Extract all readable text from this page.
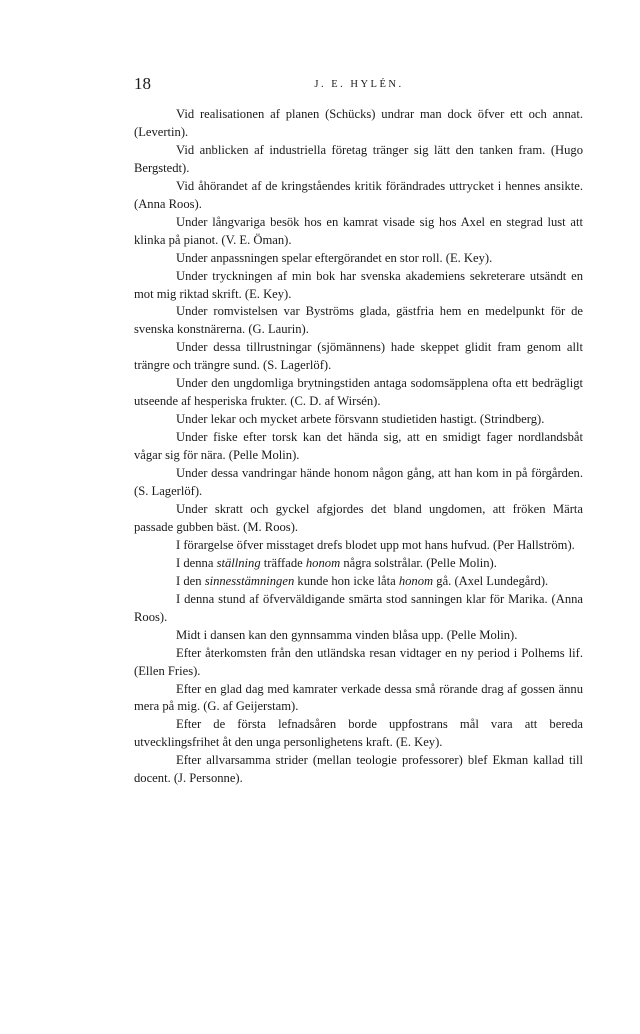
18	J. E. HYLÉN.

Vid realisationen af planen (Schücks) undrar man dock öfver ett och annat. (Levertin).

Vid anblicken af industriella företag tränger sig lätt den tanken fram. (Hugo Bergstedt).

Vid åhörandet af de kringståendes kritik förändrades uttrycket i hennes ansikte. (Anna Roos).

Under långvariga besök hos en kamrat visade sig hos Axel en stegrad lust att klinka på pianot. (V. E. Öman).

Under anpassningen spelar eftergörandet en stor roll. (E. Key).

Under tryckningen af min bok har svenska akademiens sekreterare utsändt en mot mig riktad skrift. (E. Key).

Under romvistelsen var Byströms glada, gästfria hem en medelpunkt för de svenska konstnärerna. (G. Laurin).

Under dessa tillrustningar (sjömännens) hade skeppet glidit fram genom allt trängre och trängre sund. (S. Lagerlöf).

Under den ungdomliga brytningstiden antaga sodomsäpplena ofta ett bedrägligt utseende af hesperiska frukter. (C. D. af Wirsén).

Under lekar och mycket arbete försvann studietiden hastigt. (Strindberg).

Under fiske efter torsk kan det hända sig, att en smidigt fager nordlandsbåt vågar sig för nära. (Pelle Molin).

Under dessa vandringar hände honom någon gång, att han kom in på förgården. (S. Lagerlöf).

Under skratt och gyckel afgjordes det bland ungdomen, att fröken Märta passade gubben bäst. (M. Roos).

I förargelse öfver misstaget drefs blodet upp mot hans hufvud. (Per Hallström).

I denna ställning träffade honom några solstrålar. (Pelle Molin).

I den sinnesstämningen kunde hon icke låta honom gå. (Axel Lundegård).

I denna stund af öfverväldigande smärta stod sanningen klar för Marika. (Anna Roos).

Midt i dansen kan den gynnsamma vinden blåsa upp. (Pelle Molin).

Efter återkomsten från den utländska resan vidtager en ny period i Polhems lif. (Ellen Fries).

Efter en glad dag med kamrater verkade dessa små rörande drag af gossen ännu mera på mig. (G. af Geijerstam).

Efter de första lefnadsåren borde uppfostrans mål vara att bereda utvecklingsfrihet åt den unga personlighetens kraft. (E. Key).

Efter allvarsamma strider (mellan teologie professorer) blef Ekman kallad till docent. (J. Personne).
